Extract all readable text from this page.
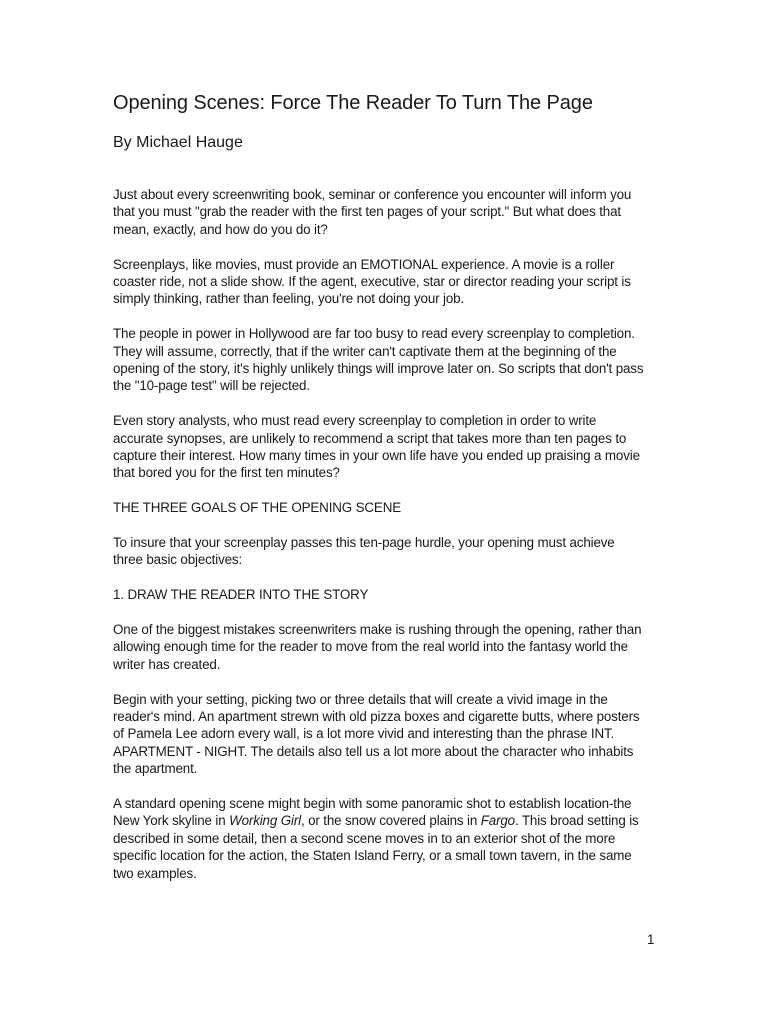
Opening Scenes: Force The Reader To Turn The Page
By Michael Hauge

Just about every screenwriting book, seminar or conference you encounter will inform you
that you must "grab the reader with the first ten pages of your script." But what does that
mean, exactly, and how do you do it?

Screenplays, like movies, must provide an EMOTIONAL experience. A movie is a roller
coaster ride, not a slide show. If the agent, executive, star or director reading your script is
simply thinking, rather than feeling, you're not doing your job.

The people in power in Hollywood are far too busy to read every screenplay to completion.
They will assume, correctly, that if the writer can't captivate them at the beginning of the
opening of the story, it's highly unlikely things will improve later on. So scripts that don't pass
the "10-page test" will be rejected.

Even story analysts, who must read every screenplay to completion in order to write
accurate synopses, are unlikely to recommend a script that takes more than ten pages to
capture their interest. How many times in your own life have you ended up praising a movie
that bored you for the first ten minutes?

THE THREE GOALS OF THE OPENING SCENE

To insure that your screenplay passes this ten-page hurdle, your opening must achieve
three basic objectives:

1. DRAW THE READER INTO THE STORY

One of the biggest mistakes screenwriters make is rushing through the opening, rather than
allowing enough time for the reader to move from the real world into the fantasy world the
writer has created.

Begin with your setting, picking two or three details that will create a vivid image in the
reader's mind. An apartment strewn with old pizza boxes and cigarette butts, where posters
of Pamela Lee adorn every wall, is a lot more vivid and interesting than the phrase INT.
APARTMENT - NIGHT. The details also tell us a lot more about the character who inhabits
the apartment.

A standard opening scene might begin with some panoramic shot to establish location-the
New York skyline in Working Girl, or the snow covered plains in Fargo. This broad setting is
described in some detail, then a second scene moves in to an exterior shot of the more
specific location for the action, the Staten Island Ferry, or a small town tavern, in the same
two examples.

1
